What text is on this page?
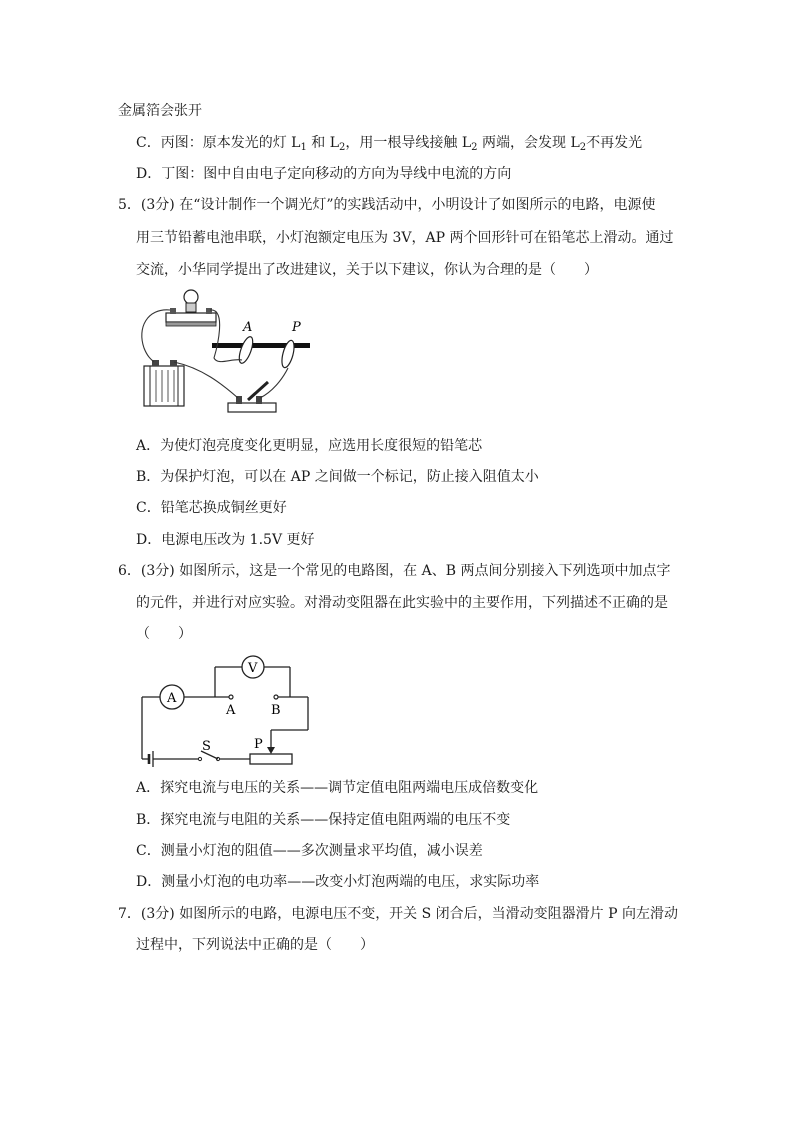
金属箔会张开
C．丙图：原本发光的灯 $L_1$ 和 $L_2$，用一根导线接触 $L_2$ 两端，会发现 $L_2$不再发光
D．丁图：图中自由电子定向移动的方向为导线中电流的方向
5．(3分) 在“设计制作一个调光灯”的实践活动中，小明设计了如图所示的电路，电源使
用三节铅蓄电池串联，小灯泡额定电压为 3V，AP 两个回形针可在铅笔芯上滑动。通过
交流，小华同学提出了改进建议，关于以下建议，你认为合理的是（　　）
A	P
A．为使灯泡亮度变化更明显，应选用长度很短的铅笔芯
B．为保护灯泡，可以在 AP 之间做一个标记，防止接入阻值太小
C．铅笔芯换成铜丝更好
D．电源电压改为 1.5V 更好
6．(3分) 如图所示，这是一个常见的电路图，在 A、B 两点间分别接入下列选项中加点字
的元件，并进行对应实验。对滑动变阻器在此实验中的主要作用，下列描述不正确的是
（　　）
A
V
A	B
P
S
A．探究电流与电压的关系——调节定值电阻两端电压成倍数变化
B．探究电流与电阻的关系——保持定值电阻两端的电压不变
C．测量小灯泡的阻值——多次测量求平均值，减小误差
D．测量小灯泡的电功率——改变小灯泡两端的电压，求实际功率
7．(3分) 如图所示的电路，电源电压不变，开关 S 闭合后，当滑动变阻器滑片 P 向左滑动
过程中，下列说法中正确的是（　　）
